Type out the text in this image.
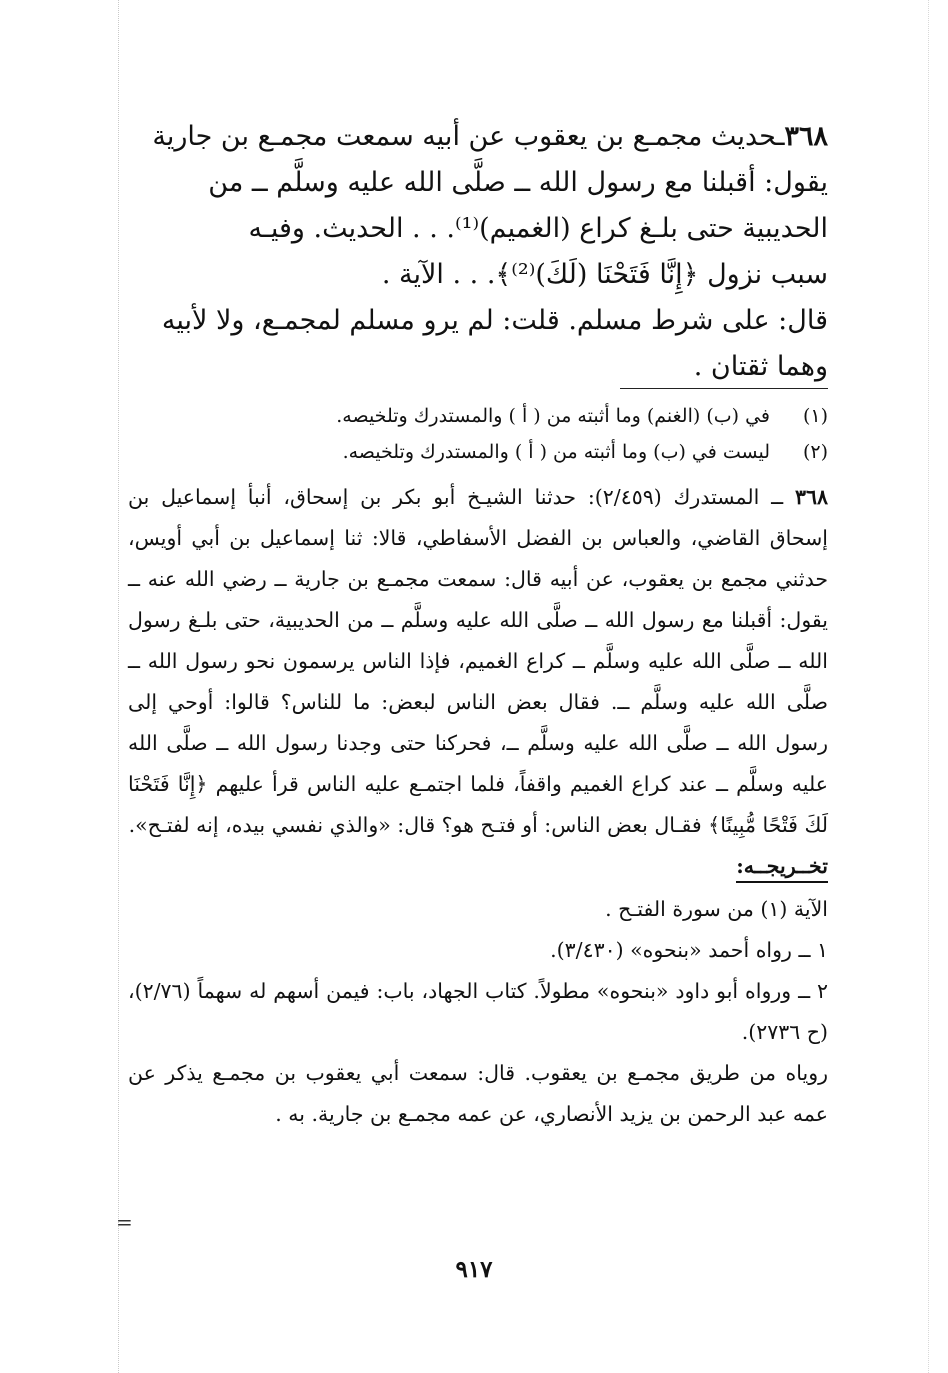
٣٦٨ـحديث مجمـع بن يعقوب عن أبيه سمعت مجمـع بن جارية

يقول: أقبلنا مع رسول الله ــ صلَّى الله عليه وسلَّم ــ من

الحديبية حتى بلـغ كراع (الغميم)⁽¹⁾. . . الحديث. وفيـه

سبب نزول ﴿إِنَّا فَتَحْنَا (لَكَ)⁽²⁾﴾. . . الآية .

قال: على شرط مسلم. قلت: لم يرو مسلم لمجمـع، ولا لأبيه

وهما ثقتان .

(١)
في (ب) (الغنم) وما أثبته من ( أ ) والمستدرك وتلخيصه.
(٢)
ليست في (ب) وما أثبته من ( أ ) والمستدرك وتلخيصه.

٣٦٨ ــ المستدرك (٢/٤٥٩): حدثنا الشيـخ أبو بكر بن إسحاق، أنبأ إسماعيل بن إسحاق القاضي، والعباس بن الفضل الأسفاطي، قالا: ثنا إسماعيل بن أبي أويس، حدثني مجمع بن يعقوب، عن أبيه قال: سمعت مجمـع بن جارية ــ رضي الله عنه ــ يقول: أقبلنا مع رسول الله ــ صلَّى الله عليه وسلَّم ــ من الحديبية، حتى بلـغ رسول الله ــ صلَّى الله عليه وسلَّم ــ كراع الغميم، فإذا الناس يرسمون نحو رسول الله ــ صلَّى الله عليه وسلَّم ــ. فقال بعض الناس لبعض: ما للناس؟ قالوا: أوحي إلى رسول الله ــ صلَّى الله عليه وسلَّم ــ، فحركنا حتى وجدنا رسول الله ــ صلَّى الله عليه وسلَّم ــ عند كراع الغميم واقفاً، فلما اجتمـع عليه الناس قرأ عليهم ﴿إِنَّا فَتَحْنَا لَكَ فَتْحًا مُّبِينًا﴾ فقـال بعض الناس: أو فتـح هو؟ قال: «والذي نفسي بيده، إنه لفتـح».

تخــريجــه:

الآية (١) من سورة الفتـح .

١ ــ رواه أحمد «بنحوه» (٣/٤٣٠).

٢ ــ ورواه أبو داود «بنحوه» مطولاً. كتاب الجهاد، باب: فيمن أسهم له سهماً (٢/٧٦)، (ح ٢٧٣٦).

روياه من طريق مجمـع بن يعقوب. قال: سمعت أبي يعقوب بن مجمـع يذكر عن عمه عبد الرحمن بن يزيد الأنصاري، عن عمه مجمـع بن جارية. به .

=
٩١٧
